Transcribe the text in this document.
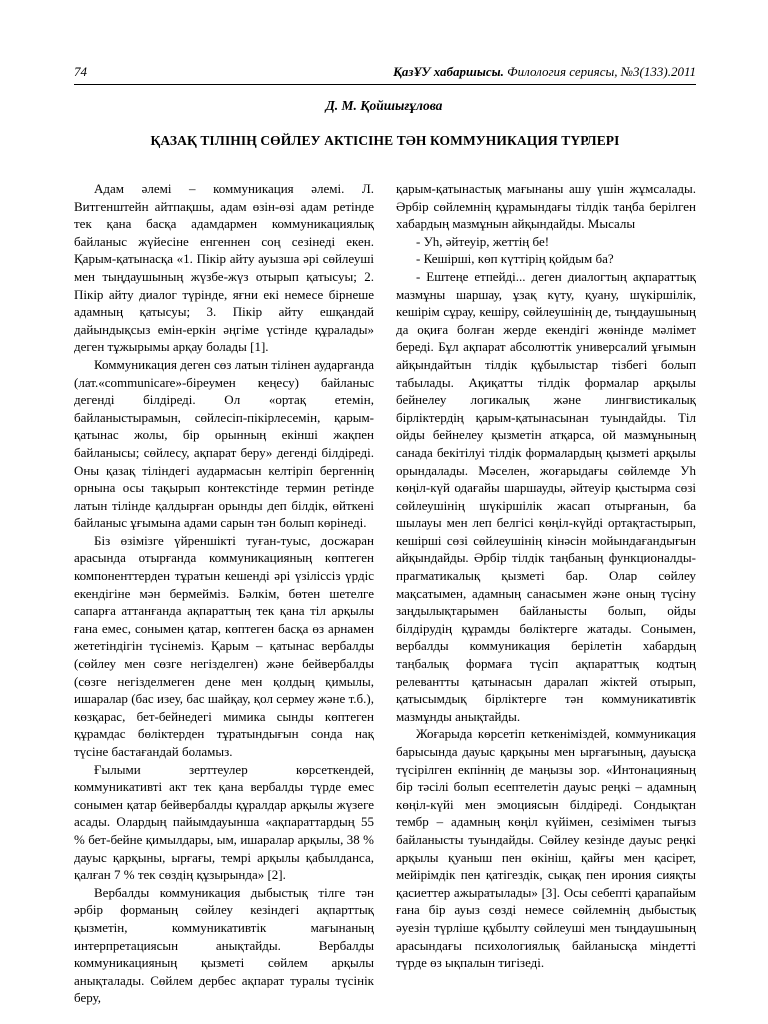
74	ҚазҰУ хабаршысы. Филология сериясы, №3(133).2011
Д. М. Қойшығұлова
ҚАЗАҚ ТІЛІНІҢ СӨЙЛЕУ АКТІСІНЕ ТӘН КОММУНИКАЦИЯ ТҮРЛЕРІ

Адам әлемі – коммуникация әлемі. Л. Витгенштейн айтпақшы, адам өзін-өзі адам ретінде тек қана басқа адамдармен коммуникациялық байланыс жүйесіне енгеннен соң сезінеді екен. Қарым-қатынасқа «1. Пікір айту ауызша әрі сөйлеуші мен тыңдаушының жүзбе-жүз отырып қатысуы; 2. Пікір айту диалог түрінде, яғни екі немесе бірнеше адамның қатысуы; 3. Пікір айту ешқандай дайындықсыз емін-еркін әңгіме үстінде құралады» деген тұжырымы арқау болады [1].

Коммуникация деген сөз латын тілінен аударғанда (лат.«communicare»-біреумен кеңесу) байланыс дегенді білдіреді. Ол «ортақ етемін, байланыстырамын, сөйлесіп-пікірлесемін, қарым-қатынас жолы, бір орынның екінші жақпен байланысы; сөйлесу, ақпарат беру» дегенді білдіреді. Оны қазақ тіліндегі аудармасын келтіріп бергеннің орнына осы тақырып контекстінде термин ретінде латын тілінде қалдырған орынды деп білдік, өйткені байланыс ұғымына адами сарын тән болып көрінеді.

Біз өзімізге үйреншікті туған-туыс, досжаран арасында отырғанда коммуникацияның көптеген компоненттерден тұратын кешенді әрі үзіліссіз үрдіс екендігіне мән бермейміз. Бәлкім, бөтен шетелге сапарға аттанғанда ақпараттың тек қана тіл арқылы ғана емес, сонымен қатар, көптеген басқа өз арнамен жететіндігін түсінеміз. Қарым – қатынас вербалды (сөйлеу мен сөзге негізделген) және бейвербалды (сөзге негізделмеген дене мен қолдың қимылы, ишаралар (бас изеу, бас шайқау, қол сермеу және т.б.), көзқарас, бет-бейнедегі мимика сынды көптеген құрамдас бөліктерден тұратындығын сонда нақ түсіне бастағандай боламыз.

Ғылыми зерттеулер көрсеткендей, коммуникативті акт тек қана вербалды түрде емес сонымен қатар бейвербалды құралдар арқылы жүзеге асады. Олардың пайымдауынша «ақпараттардың 55 % бет-бейне қимылдары, ым, ишаралар арқылы, 38 % дауыс қарқыны, ырғағы, темрі арқылы қабылданса, қалған 7 % тек сөздің құзырында» [2].

Вербалды коммуникация дыбыстық тілге тән әрбір форманың сөйлеу кезіндегі ақпарттық қызметін, коммуникативтік мағынаның интерпретациясын анықтайды. Вербалды коммуникацияның қызметі сөйлем арқылы анықталады. Сөйлем дербес ақпарат туралы түсінік беру,

қарым-қатынастық мағынаны ашу үшін жұмсалады. Әрбір сөйлемнің құрамындағы тілдік таңба берілген хабардың мазмұнын айқындайды. Мысалы

- Уһ, әйтеуір, жеттің бе!

- Кешірші, көп күттірің қойдым ба?

- Ештеңе етпейді... деген диалогтың ақпараттық мазмұны шаршау, ұзақ күту, қуану, шүкіршілік, кешірім сұрау, кешіру, сөйлеушінің де, тыңдаушының да оқиға болған жерде екендігі жөнінде мәлімет береді. Бұл ақпарат абсолюттік универсалий ұғымын айқындайтын тілдік құбылыстар тізбегі болып табылады. Ақиқатты тілдік формалар арқылы бейнелеу логикалық және лингвистикалық бірліктердің қарым-қатынасынан туындайды. Тіл ойды бейнелеу қызметін атқарса, ой мазмұнының санада бекітілуі тілдік формалардың қызметі арқылы орындалады. Мәселен, жоғарыдағы сөйлемде Уһ көңіл-күй одағайы шаршауды, әйтеуір қыстырма сөзі сөйлеушінің шүкіршілік жасап отырғанын, ба шылауы мен леп белгісі көңіл-күйді ортақтастырып, кешірші сөзі сөйлеушінің кінәсін мойындағандығын айқындайды. Әрбір тілдік таңбаның функционалды-прагматикалық қызметі бар. Олар сөйлеу мақсатымен, адамның санасымен және оның түсіну заңдылықтарымен байланысты болып, ойды білдірудің құрамды бөліктерге жатады. Сонымен, вербалды коммуникация берілетін хабардың таңбалық формаға түсіп ақпараттық кодтың релевантты қатынасын даралап жіктей отырып, қатысымдық бірліктерге тән коммуникативтік мазмұнды анықтайды.

Жоғарыда көрсетіп кеткеніміздей, коммуникация барысында дауыс қарқыны мен ырғағының, дауысқа түсірілген екпіннің де маңызы зор. «Интонацияның бір тәсілі болып есептелетін дауыс реңкі – адамның көңіл-күйі мен эмоциясын білдіреді. Сондықтан тембр – адамның көңіл күйімен, сезімімен тығыз байланысты туындайды. Сөйлеу кезінде дауыс реңкі арқылы қуаныш пен өкініш, қайғы мен қасірет, мейірімдік пен қатігездік, сықақ пен ирония сияқты қасиеттер ажыратылады» [3]. Осы себепті қарапайым ғана бір ауыз сөзді немесе сөйлемнің дыбыстық әуезін түрліше құбылту сөйлеуші мен тыңдаушының арасындағы психологиялық байланысқа міндетті түрде өз ықпалын тигізеді.
